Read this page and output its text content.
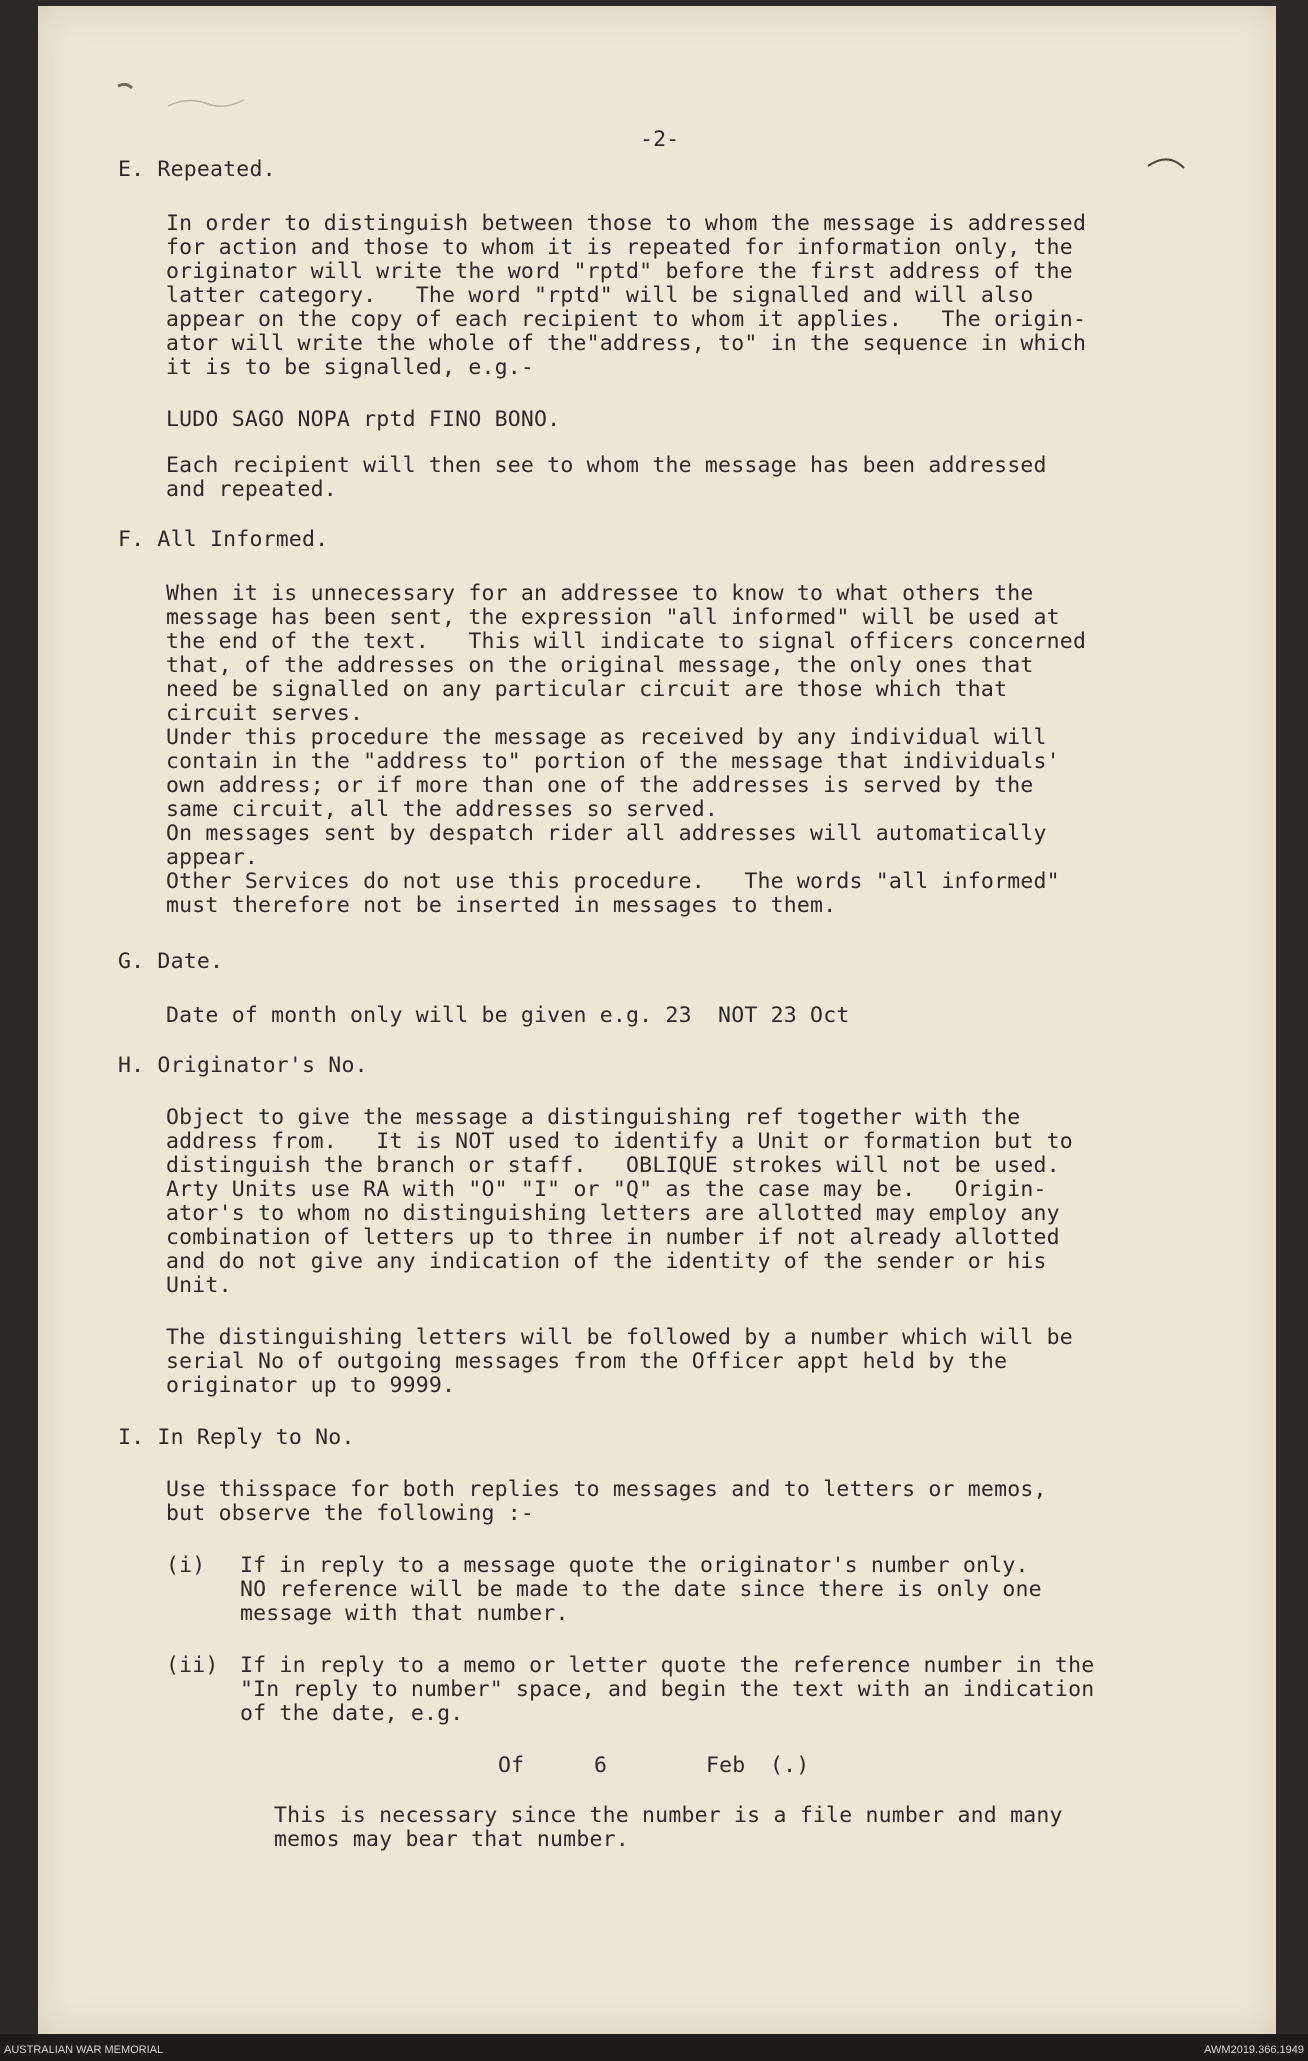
-2-
E. Repeated.
In order to distinguish between those to whom the message is addressed
for action and those to whom it is repeated for information only, the
originator will write the word "rptd" before the first address of the
latter category.   The word "rptd" will be signalled and will also
appear on the copy of each recipient to whom it applies.   The origin-
ator will write the whole of the"address, to" in the sequence in which
it is to be signalled, e.g.-
LUDO SAGO NOPA rptd FINO BONO.
Each recipient will then see to whom the message has been addressed
and repeated.
F. All Informed.
When it is unnecessary for an addressee to know to what others the
message has been sent, the expression "all informed" will be used at
the end of the text.   This will indicate to signal officers concerned
that, of the addresses on the original message, the only ones that
need be signalled on any particular circuit are those which that
circuit serves.
Under this procedure the message as received by any individual will
contain in the "address to" portion of the message that individuals'
own address; or if more than one of the addresses is served by the
same circuit, all the addresses so served.
On messages sent by despatch rider all addresses will automatically
appear.
Other Services do not use this procedure.   The words "all informed"
must therefore not be inserted in messages to them.
G. Date.
Date of month only will be given e.g. 23  NOT 23 Oct
H. Originator's No.
Object to give the message a distinguishing ref together with the
address from.   It is NOT used to identify a Unit or formation but to
distinguish the branch or staff.   OBLIQUE strokes will not be used.
Arty Units use RA with "O" "I" or "Q" as the case may be.   Origin-
ator's to whom no distinguishing letters are allotted may employ any
combination of letters up to three in number if not already allotted
and do not give any indication of the identity of the sender or his
Unit.
The distinguishing letters will be followed by a number which will be
serial No of outgoing messages from the Officer appt held by the
originator up to 9999.
I. In Reply to No.
Use thisspace for both replies to messages and to letters or memos,
but observe the following :-
(i) If in reply to a message quote the originator's number only.
NO reference will be made to the date since there is only one
message with that number.
(ii) If in reply to a memo or letter quote the reference number in the
"In reply to number" space, and begin the text with an indication
of the date, e.g.
Of	6	Feb (.)
This is necessary since the number is a file number and many
memos may bear that number.
AUSTRALIAN WAR MEMORIAL	AWM2019.366.1949
